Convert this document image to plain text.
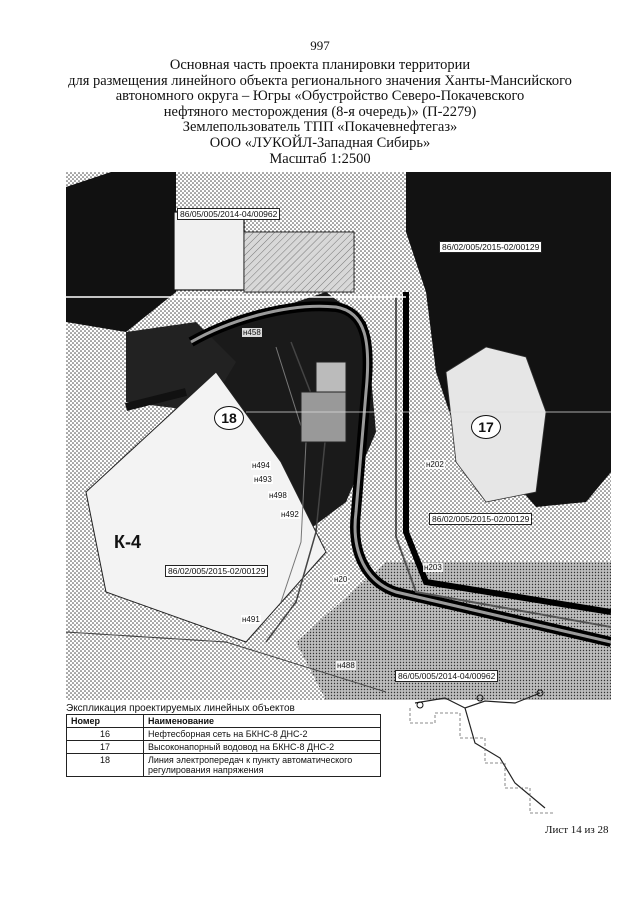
997
Основная часть проекта планировки территории
для размещения линейного объекта регионального значения Ханты-Мансийского
автономного округа – Югры «Обустройство Северо-Покачевского
нефтяного месторождения (8-я очередь)» (П-2279)
Землепользователь ТПП «Покачевнефтегаз»
ООО «ЛУКОЙЛ-Западная Сибирь»
Масштаб 1:2500
86/05/005/2014-04/00962
86/02/005/2015-02/00129
86/02/005/2015-02/00129
86/02/005/2015-02/00129
86/05/005/2014-04/00962
18
17
К-4
н458
н494
н493
н498
н492
н491
н488
н203
н202
н20
Экспликация проектируемых линейных объектов
Номер	Наименование
16	Нефтесборная сеть на БКНС-8 ДНС-2
17	Высоконапорный водовод на БКНС-8 ДНС-2
18	Линия электропередач к пункту автоматического регулирования напряжения
Лист 14 из 28
